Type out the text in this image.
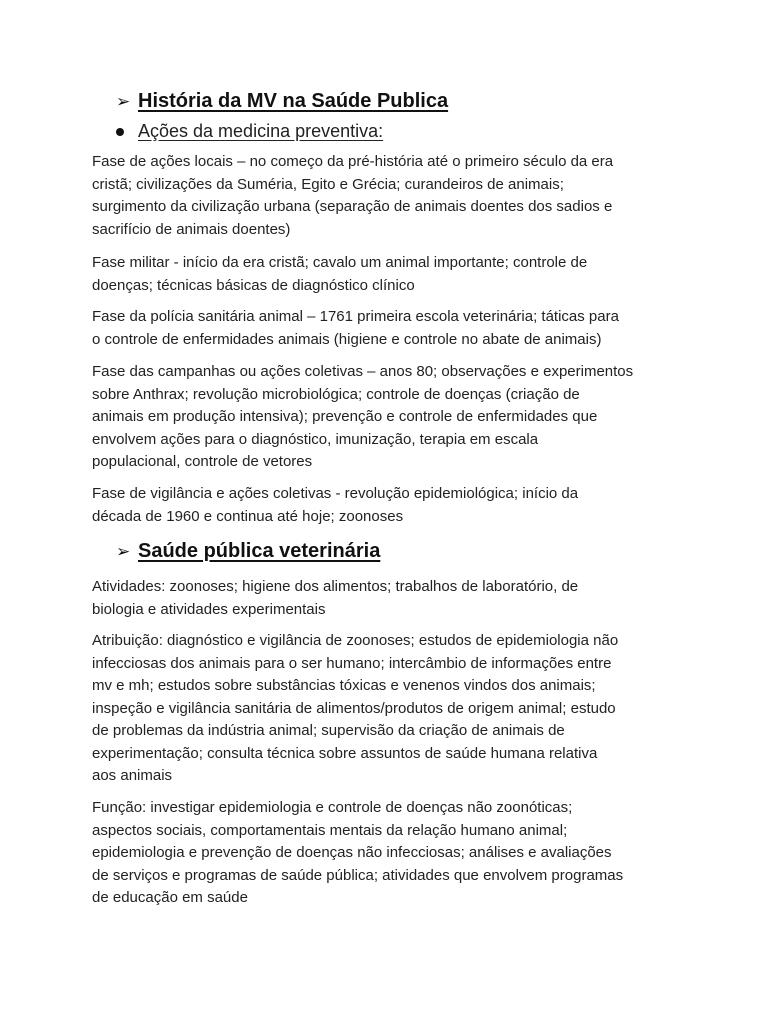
➢ História da MV na Saúde Publica
Ações da medicina preventiva:

Fase de ações locais – no começo da pré-história até o primeiro século da era
cristã; civilizações da Suméria, Egito e Grécia; curandeiros de animais;
surgimento da civilização urbana (separação de animais doentes dos sadios e
sacrifício de animais doentes)

Fase militar - início da era cristã; cavalo um animal importante; controle de
doenças; técnicas básicas de diagnóstico clínico

Fase da polícia sanitária animal – 1761 primeira escola veterinária; táticas para
o controle de enfermidades animais (higiene e controle no abate de animais)

Fase das campanhas ou ações coletivas – anos 80; observações e experimentos
sobre Anthrax; revolução microbiológica; controle de doenças (criação de
animais em produção intensiva); prevenção e controle de enfermidades que
envolvem ações para o diagnóstico, imunização, terapia em escala
populacional, controle de vetores

Fase de vigilância e ações coletivas - revolução epidemiológica; início da
década de 1960 e continua até hoje; zoonoses

➢ Saúde pública veterinária

Atividades: zoonoses; higiene dos alimentos; trabalhos de laboratório, de
biologia e atividades experimentais

Atribuição: diagnóstico e vigilância de zoonoses; estudos de epidemiologia não
infecciosas dos animais para o ser humano; intercâmbio de informações entre
mv e mh; estudos sobre substâncias tóxicas e venenos vindos dos animais;
inspeção e vigilância sanitária de alimentos/produtos de origem animal; estudo
de problemas da indústria animal; supervisão da criação de animais de
experimentação; consulta técnica sobre assuntos de saúde humana relativa
aos animais

Função: investigar epidemiologia e controle de doenças não zoonóticas;
aspectos sociais, comportamentais mentais da relação humano animal;
epidemiologia e prevenção de doenças não infecciosas; análises e avaliações
de serviços e programas de saúde pública; atividades que envolvem programas
de educação em saúde
